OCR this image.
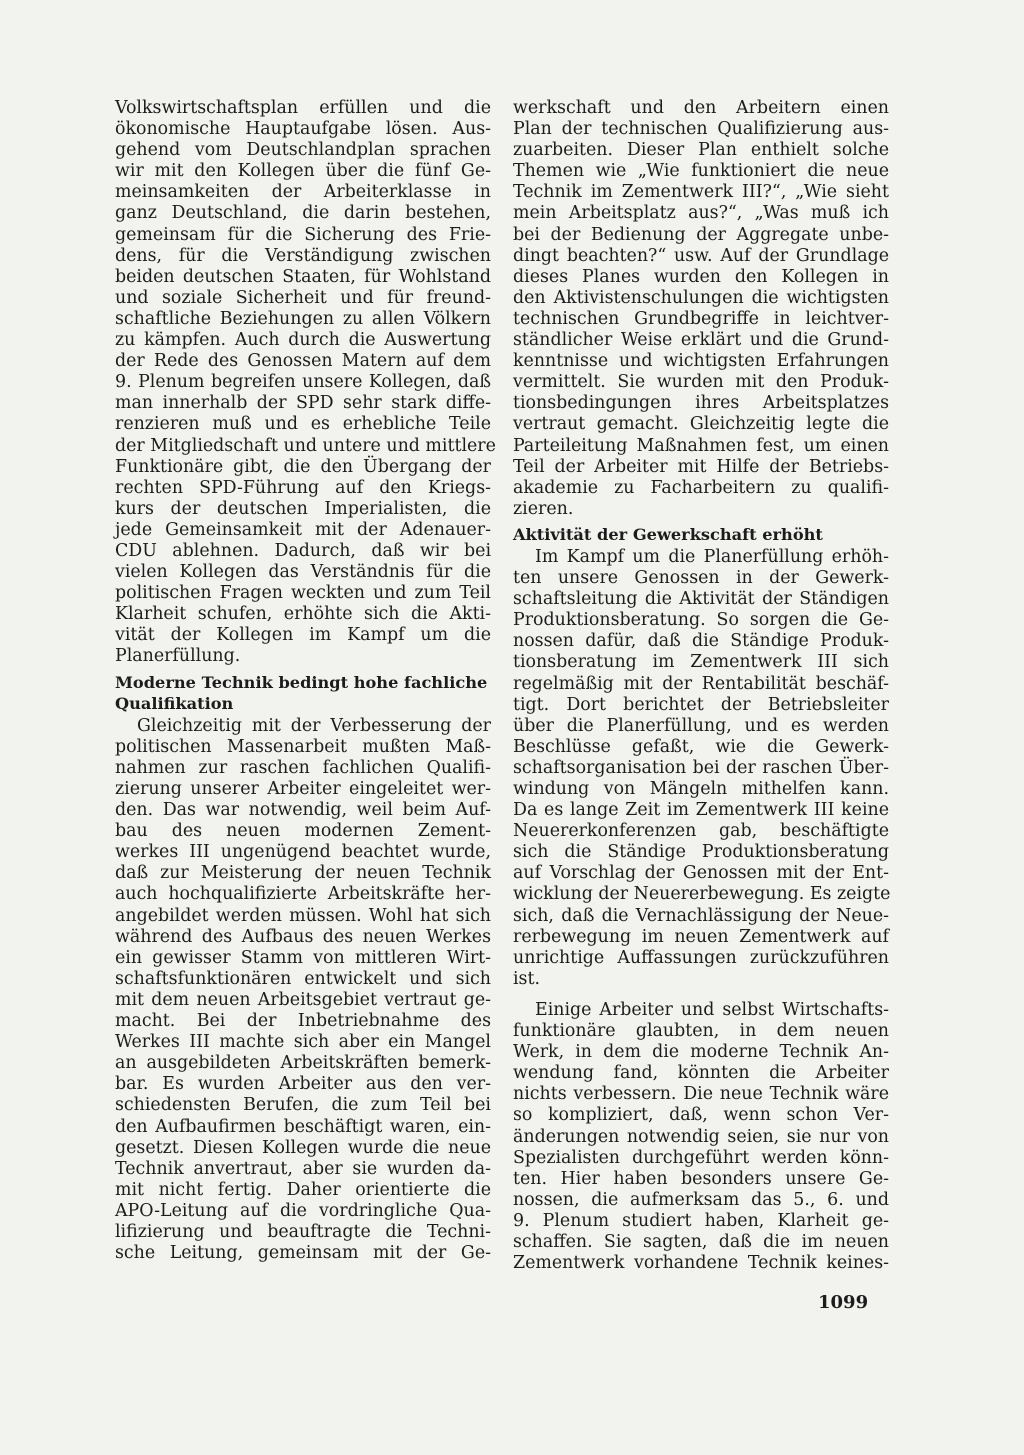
Volkswirtschaftsplan erfüllen und die
ökonomische Hauptaufgabe lösen. Aus-
gehend vom Deutschlandplan sprachen
wir mit den Kollegen über die fünf Ge-
meinsamkeiten der Arbeiterklasse in
ganz Deutschland, die darin bestehen,
gemeinsam für die Sicherung des Frie-
dens, für die Verständigung zwischen
beiden deutschen Staaten, für Wohlstand
und soziale Sicherheit und für freund-
schaftliche Beziehungen zu allen Völkern
zu kämpfen. Auch durch die Auswertung
der Rede des Genossen Matern auf dem
9. Plenum begreifen unsere Kollegen, daß
man innerhalb der SPD sehr stark diffe-
renzieren muß und es erhebliche Teile
der Mitgliedschaft und untere und mittlere
Funktionäre gibt, die den Übergang der
rechten SPD-Führung auf den Kriegs-
kurs der deutschen Imperialisten, die
jede Gemeinsamkeit mit der Adenauer-
CDU ablehnen. Dadurch, daß wir bei
vielen Kollegen das Verständnis für die
politischen Fragen weckten und zum Teil
Klarheit schufen, erhöhte sich die Akti-
vität der Kollegen im Kampf um die
Planerfüllung.
Moderne Technik bedingt hohe fachliche
Qualifikation
Gleichzeitig mit der Verbesserung der
politischen Massenarbeit mußten Maß-
nahmen zur raschen fachlichen Qualifi-
zierung unserer Arbeiter eingeleitet wer-
den. Das war notwendig, weil beim Auf-
bau des neuen modernen Zement-
werkes III ungenügend beachtet wurde,
daß zur Meisterung der neuen Technik
auch hochqualifizierte Arbeitskräfte her-
angebildet werden müssen. Wohl hat sich
während des Aufbaus des neuen Werkes
ein gewisser Stamm von mittleren Wirt-
schaftsfunktionären entwickelt und sich
mit dem neuen Arbeitsgebiet vertraut ge-
macht. Bei der Inbetriebnahme des
Werkes III machte sich aber ein Mangel
an ausgebildeten Arbeitskräften bemerk-
bar. Es wurden Arbeiter aus den ver-
schiedensten Berufen, die zum Teil bei
den Aufbaufirmen beschäftigt waren, ein-
gesetzt. Diesen Kollegen wurde die neue
Technik anvertraut, aber sie wurden da-
mit nicht fertig. Daher orientierte die
APO-Leitung auf die vordringliche Qua-
lifizierung und beauftragte die Techni-
sche Leitung, gemeinsam mit der Ge-
werkschaft und den Arbeitern einen
Plan der technischen Qualifizierung aus-
zuarbeiten. Dieser Plan enthielt solche
Themen wie „Wie funktioniert die neue
Technik im Zementwerk III?“, „Wie sieht
mein Arbeitsplatz aus?“, „Was muß ich
bei der Bedienung der Aggregate unbe-
dingt beachten?“ usw. Auf der Grundlage
dieses Planes wurden den Kollegen in
den Aktivistenschulungen die wichtigsten
technischen Grundbegriffe in leichtver-
ständlicher Weise erklärt und die Grund-
kenntnisse und wichtigsten Erfahrungen
vermittelt. Sie wurden mit den Produk-
tionsbedingungen ihres Arbeitsplatzes
vertraut gemacht. Gleichzeitig legte die
Parteileitung Maßnahmen fest, um einen
Teil der Arbeiter mit Hilfe der Betriebs-
akademie zu Facharbeitern zu qualifi-
zieren.
Aktivität der Gewerkschaft erhöht
Im Kampf um die Planerfüllung erhöh-
ten unsere Genossen in der Gewerk-
schaftsleitung die Aktivität der Ständigen
Produktionsberatung. So sorgen die Ge-
nossen dafür, daß die Ständige Produk-
tionsberatung im Zementwerk III sich
regelmäßig mit der Rentabilität beschäf-
tigt. Dort berichtet der Betriebsleiter
über die Planerfüllung, und es werden
Beschlüsse gefaßt, wie die Gewerk-
schaftsorganisation bei der raschen Über-
windung von Mängeln mithelfen kann.
Da es lange Zeit im Zementwerk III keine
Neuererkonferenzen gab, beschäftigte
sich die Ständige Produktionsberatung
auf Vorschlag der Genossen mit der Ent-
wicklung der Neuererbewegung. Es zeigte
sich, daß die Vernachlässigung der Neue-
rerbewegung im neuen Zementwerk auf
unrichtige Auffassungen zurückzuführen
ist.
Einige Arbeiter und selbst Wirtschafts-
funktionäre glaubten, in dem neuen
Werk, in dem die moderne Technik An-
wendung fand, könnten die Arbeiter
nichts verbessern. Die neue Technik wäre
so kompliziert, daß, wenn schon Ver-
änderungen notwendig seien, sie nur von
Spezialisten durchgeführt werden könn-
ten. Hier haben besonders unsere Ge-
nossen, die aufmerksam das 5., 6. und
9. Plenum studiert haben, Klarheit ge-
schaffen. Sie sagten, daß die im neuen
Zementwerk vorhandene Technik keines-
1099
